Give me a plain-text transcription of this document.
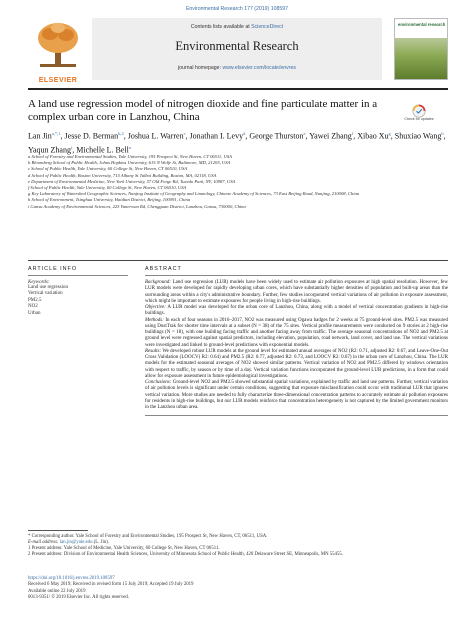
Environmental Research 177 (2019) 108597
ELSEVIER
Contents lists available at ScienceDirect
Environmental Research
journal homepage: www.elsevier.com/locate/envres
environmental research
A land use regression model of nitrogen dioxide and fine particulate matter in a complex urban core in Lanzhou, China	Check for updates
Lan Jin$^{a,*,1}$, Jesse D. Berman$^{b,2}$, Joshua L. Warren$^c$, Jonathan I. Levy$^d$, George Thurston$^e$, Yawei Zhang$^f$, Xibao Xu$^g$, Shuxiao Wang$^h$, Yaqun Zhang$^i$, Michelle L. Bell$^a$
a School of Forestry and Environmental Studies, Yale University, 195 Prospect St, New Haven, CT 06511, USA
b Bloomberg School of Public Health, Johns Hopkins University, 615 N Wolfe St, Baltimore, MD, 21205, USA
c School of Public Health, Yale University, 60 College St, New Haven, CT 06510, USA
d School of Public Health, Boston University, 715 Albany St Talbot Building, Boston, MA, 02118, USA
e Department of Environmental Medicine, New York University, 57 Old Forge Rd, Tuxedo Park, NY, 10987, USA
f School of Public Health, Yale University, 60 College St, New Haven, CT 06510, USA
g Key Laboratory of Watershed Geographic Sciences, Nanjing Institute of Geography and Limnology, Chinese Academy of Sciences, 73 East Beijing Road, Nanjing, 210008, China
h School of Environment, Tsinghua University, Haidian District, Beijing, 100091, China
i Gansu Academy of Environmental Sciences, 225 Yanerwan Rd, Chengguan District, Lanzhou, Gansu, 730000, China
ARTICLE INFO
Keywords:
Land use regression
Vertical variation
PM2.5
NO2
Urban
ABSTRACT

Background: Land use regression (LUR) models have been widely used to estimate air pollution exposures at high spatial resolution. However, few LUR models were developed for rapidly developing urban cores, which have substantially higher densities of population and built-up areas than the surrounding areas within a city's administrative boundary. Further, few studies incorporated vertical variations of air pollution in exposure assessment, which might be important to estimate exposures for people living in high-rise buildings.

Objective: A LUR model was developed for the urban core of Lanzhou, China, along with a model of vertical concentration gradients in high-rise buildings.

Methods: In each of four seasons in 2016–2017, NO2 was measured using Ogawa badges for 2 weeks at 75 ground-level sites. PM2.5 was measured using DustTrak for shorter time intervals at a subset (N = 38) of the 75 sites. Vertical profile measurements were conducted on 9 stories at 2 high-rise buildings (N = 18), with one building facing traffic and another facing away from traffic. The average seasonal concentrations of NO2 and PM2.5 at ground level were regressed against spatial predictors, including elevation, population, road network, land cover, and land use. The vertical variations were investigated and linked to ground-level predictions with exponential models.

Results: We developed robust LUR models at the ground level for estimated annual averages of NO2 (R2: 0.71, adjusted R2: 0.67, and Leave-One-Out Cross Validation (LOOCV) R2: 0.64) and PM2.5 (R2: 0.77, adjusted R2: 0.73, and LOOCV R2: 0.67) in the urban core of Lanzhou, China. The LUR models for the estimated seasonal averages of NO2 showed similar patterns. Vertical variation of NO2 and PM2.5 differed by windows orientation with respect to traffic, by season or by time of a day. Vertical variation functions incorporated the ground-level LUR predictions, in a form that could allow for exposure assessment in future epidemiological investigations.

Conclusions: Ground-level NO2 and PM2.5 showed substantial spatial variations, explained by traffic and land use patterns. Further, vertical variation of air pollution levels is significant under certain conditions, suggesting that exposure misclassification could occur with traditional LUR that ignores vertical variation. More studies are needed to fully characterize three-dimensional concentration patterns to accurately estimate air pollution exposures for residents in high-rise buildings, but our LUR models reinforce that concentration heterogeneity is not captured by the limited government monitors in the Lanzhou urban area.

* Corresponding author. Yale School of Forestry and Environmental Studies, 195 Prospect St, New Haven, CT, 06511, USA.
E-mail address: lan.jin@yale.edu (L. Jin).
1 Present address: Yale School of Medicine, Yale University, 60 College St, New Haven, CT 06511.
2 Present address: Division of Environmental Health Sciences, University of Minnesota School of Public Health, 420 Delaware Street SE, Minneapolis, MN 55455.
https://doi.org/10.1016/j.envres.2019.108597
Received 6 May 2019; Received in revised form 15 July 2019; Accepted 19 July 2019
Available online 22 July 2019
0013-9351/ © 2019 Elsevier Inc. All rights reserved.
